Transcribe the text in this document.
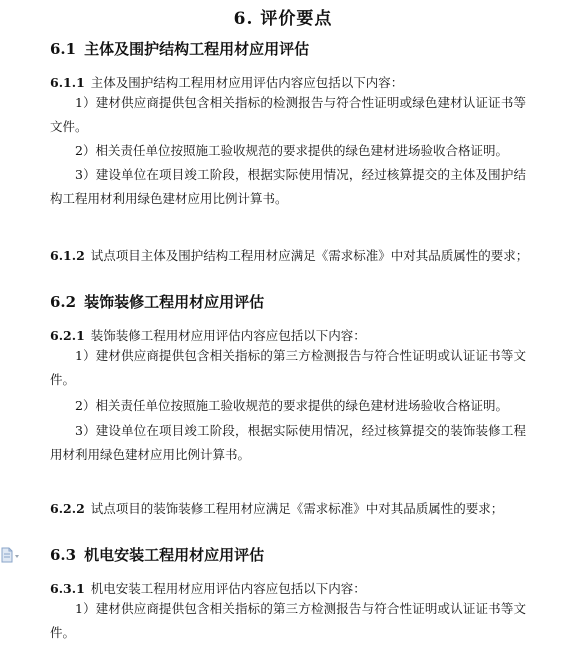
6. 评价要点
6.1 主体及围护结构工程用材应用评估
6.1.1 主体及围护结构工程用材应用评估内容应包括以下内容：
1）建材供应商提供包含相关指标的检测报告与符合性证明或绿色建材认证证书等文件。
2）相关责任单位按照施工验收规范的要求提供的绿色建材进场验收合格证明。
3）建设单位在项目竣工阶段，根据实际使用情况，经过核算提交的主体及围护结构工程用材利用绿色建材应用比例计算书。
6.1.2 试点项目主体及围护结构工程用材应满足《需求标准》中对其品质属性的要求；
6.2 装饰装修工程用材应用评估
6.2.1 装饰装修工程用材应用评估内容应包括以下内容：
1）建材供应商提供包含相关指标的第三方检测报告与符合性证明或认证证书等文件。
2）相关责任单位按照施工验收规范的要求提供的绿色建材进场验收合格证明。
3）建设单位在项目竣工阶段，根据实际使用情况，经过核算提交的装饰装修工程用材利用绿色建材应用比例计算书。
6.2.2 试点项目的装饰装修工程用材应满足《需求标准》中对其品质属性的要求；
6.3 机电安装工程用材应用评估
6.3.1 机电安装工程用材应用评估内容应包括以下内容：
1）建材供应商提供包含相关指标的第三方检测报告与符合性证明或认证证书等文件。
